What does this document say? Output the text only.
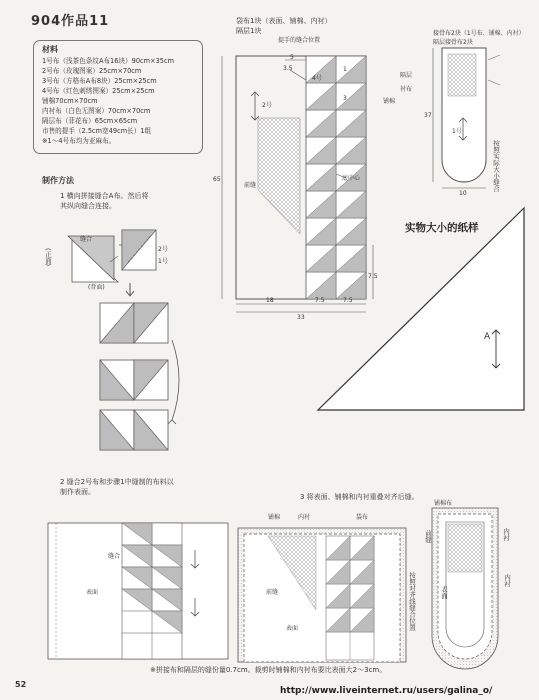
904作品11
材料
1号布（浅茶色条纹A布16块）90cm×35cm
2号布（玫瑰图案）25cm×70cm
3号布（方格布A布8块）25cm×25cm
4号布（红色刺绣图案）25cm×25cm
铺棉70cm×70cm
内衬布（白色无图案）70cm×70cm
隔层布（菲花布）65cm×65cm
市售的提手（2.5cm宽49cm长）1组
※1～4号布均为亚麻布。
制作方法
1 横向拼接缝合A布。然后将
其纵向缝合连接。
2 缝合2号布和步骤1中缝制的布料以
制作表面。
3 将表面、铺棉和内衬重叠对齐后缝。
袋布1块（表面、铺棉、内衬）
隔层1块
提手的缝合位置
5
3.5
4号
1
3
2号
前缝
底中心
65
18	7.5	7.5
33
7.5
接骨布2块（1号布、铺棉、内衬）
隔层接骨布2块
隔层
衬布
铺棉
37
1号
按照实际大小缝合
10
实物大小的纸样
A
缝合
(正面)
(背面)
2号
1号
缝合
表面
铺棉	内衬	袋布
前缝
表面	按照对齐线缝合位置
铺棉布
内衬
前缝
表面
内衬
※拼接布和隔层的缝份量0.7cm。裁剪时铺棉和内衬布要比表面大2～3cm。
52
http://www.liveinternet.ru/users/galina_o/
